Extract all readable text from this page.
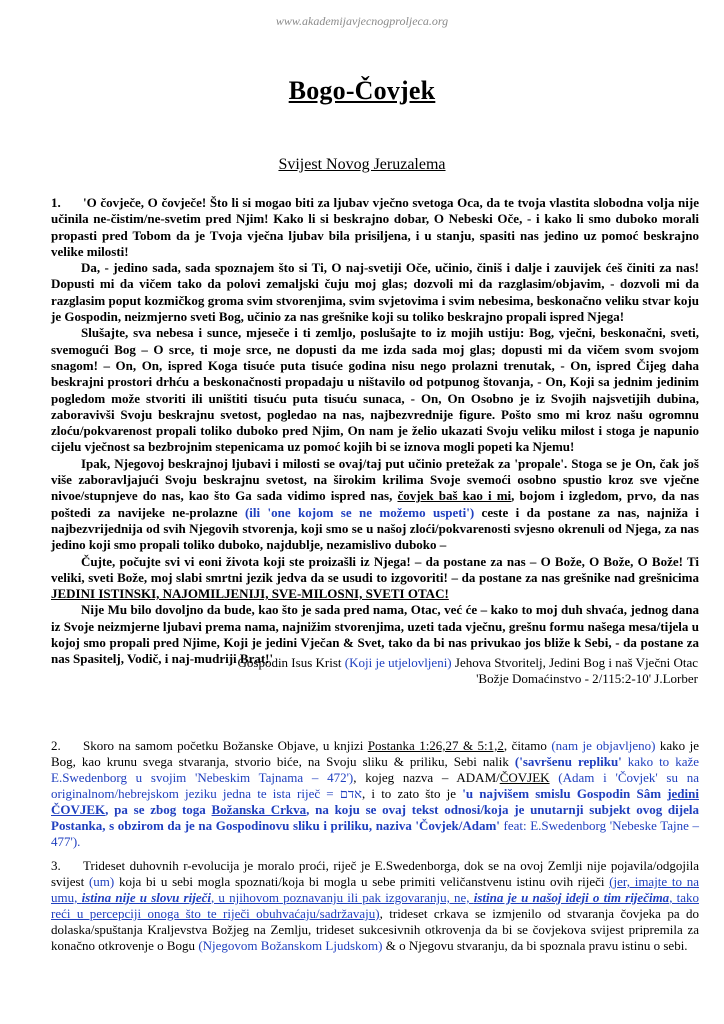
www.akademijavjecnogproljeca.org
Bogo-Čovjek
Svijest Novog Jeruzalema

1. 'O čovječe, O čovječe! Što li si mogao biti za ljubav vječno svetoga Oca, da te tvoja vlastita slobodna volja nije učinila ne-čistim/ne-svetim pred Njim! Kako li si beskrajno dobar, O Nebeski Oče, - i kako li smo duboko morali propasti pred Tobom da je Tvoja vječna ljubav bila prisiljena, i u stanju, spasiti nas jedino uz pomoć beskrajno velike milosti!

Da, - jedino sada, sada spoznajem što si Ti, O naj-svetiji Oče, učinio, činiš i dalje i zauvijek ćeš činiti za nas! Dopusti mi da vičem tako da polovi zemaljski čuju moj glas; dozvoli mi da razglasim/objavim, - dozvoli mi da razglasim poput kozmičkog groma svim stvorenjima, svim svjetovima i svim nebesima, beskonačno veliku stvar koju je Gospodin, neizmjerno sveti Bog, učinio za nas grešnike koji su toliko beskrajno propali ispred Njega!

Slušajte, sva nebesa i sunce, mjeseče i ti zemljo, poslušajte to iz mojih ustiju: Bog, vječni, beskonačni, sveti, svemogući Bog – O srce, ti moje srce, ne dopusti da me izda sada moj glas; dopusti mi da vičem svom svojom snagom! – On, On, ispred Koga tisuće puta tisuće godina nisu nego prolazni trenutak, - On, ispred Čijeg daha beskrajni prostori drhću a beskonačnosti propadaju u ništavilo od potpunog štovanja, - On, Koji sa jednim jedinim pogledom može stvoriti ili uništiti tisuću puta tisuću sunaca, - On, On Osobno je iz Svojih najsvetijih dubina, zaboravivši Svoju beskrajnu svetost, pogledao na nas, najbezvrednije figure. Pošto smo mi kroz našu ogromnu zloću/pokvarenost propali toliko duboko pred Njim, On nam je želio ukazati Svoju veliku milost i stoga je napunio cijelu vječnost sa bezbrojnim stepenicama uz pomoć kojih bi se iznova mogli popeti ka Njemu!

Ipak, Njegovoj beskrajnoj ljubavi i milosti se ovaj/taj put učinio pretežak za 'propale'. Stoga se je On, čak još više zaboravljajući Svoju beskrajnu svetost, na širokim krilima Svoje svemoći osobno spustio kroz sve vječne nivoe/stupnjeve do nas, kao što Ga sada vidimo ispred nas, čovjek baš kao i mi, bojom i izgledom, prvo, da nas poštedi za navijeke ne-prolazne (ili 'one kojom se ne možemo uspeti') ceste i da postane za nas, najniža i najbezvrijednija od svih Njegovih stvorenja, koji smo se u našoj zloći/pokvarenosti svjesno okrenuli od Njega, za nas jedino koji smo propali toliko duboko, najdublje, nezamislivo duboko –

Čujte, počujte svi vi eoni života koji ste proizašli iz Njega! – da postane za nas – O Bože, O Bože, O Bože! Ti veliki, sveti Bože, moj slabi smrtni jezik jedva da se usudi to izgovoriti! – da postane za nas grešnike nad grešnicima JEDINI ISTINSKI, NAJOMILJENIJI, SVE-MILOSNI, SVETI OTAC!

Nije Mu bilo dovoljno da bude, kao što je sada pred nama, Otac, već će – kako to moj duh shvaća, jednog dana iz Svoje neizmjerne ljubavi prema nama, najnižim stvorenjima, uzeti tada vječnu, grešnu formu našega mesa/tijela u kojoj smo propali pred Njime, Koji je jedini Vječan & Svet, tako da bi nas privukao jos bliže k Sebi, - da postane za nas Spasitelj, Vodič, i naj-mudriji Brat!'

Gospodin Isus Krist (Koji je utjelovljeni) Jehova Stvoritelj, Jedini Bog i naš Vječni Otac
'Božje Domaćinstvo - 2/115:2-10' J.Lorber
2. Skoro na samom početku Božanske Objave, u knjizi Postanka 1:26,27 & 5:1,2, čitamo (nam je objavljeno) kako je Bog, kao krunu svega stvaranja, stvorio biće, na Svoju sliku & priliku, Sebi nalik ('savršenu repliku' kako to kaže E.Swedenborg u svojim 'Nebeskim Tajnama – 472'), kojeg nazva – ADAM/ČOVJEK (Adam i 'Čovjek' su na originalnom/hebrejskom jeziku jedna te ista riječ = אדם, i to zato što je 'u najvišem smislu Gospodin Sâm jedini ČOVJEK, pa se zbog toga Božanska Crkva, na koju se ovaj tekst odnosi/koja je unutarnji subjekt ovog dijela Postanka, s obzirom da je na Gospodinovu sliku i priliku, naziva 'Čovjek/Adam' feat: E.Swedenborg 'Nebeske Tajne – 477').
3. Trideset duhovnih r-evolucija je moralo proći, riječ je E.Swedenborga, dok se na ovoj Zemlji nije pojavila/odgojila svijest (um) koja bi u sebi mogla spoznati/koja bi mogla u sebe primiti veličanstvenu istinu ovih riječi (jer, imajte to na umu, istina nije u slovu riječi, u njihovom poznavanju ili pak izgovaranju, ne, istina je u našoj ideji o tim riječima, tako reći u percepciji onoga što te riječi obuhvaćaju/sadržavaju), trideset crkava se izmjenilo od stvaranja čovjeka pa do dolaska/spuštanja Kraljevstva Božjeg na Zemlju, trideset sukcesivnih otkrovenja da bi se čovjekova svijest pripremila za konačno otkrovenje o Bogu (Njegovom Božanskom Ljudskom) & o Njegovu stvaranju, da bi spoznala pravu istinu o sebi.
